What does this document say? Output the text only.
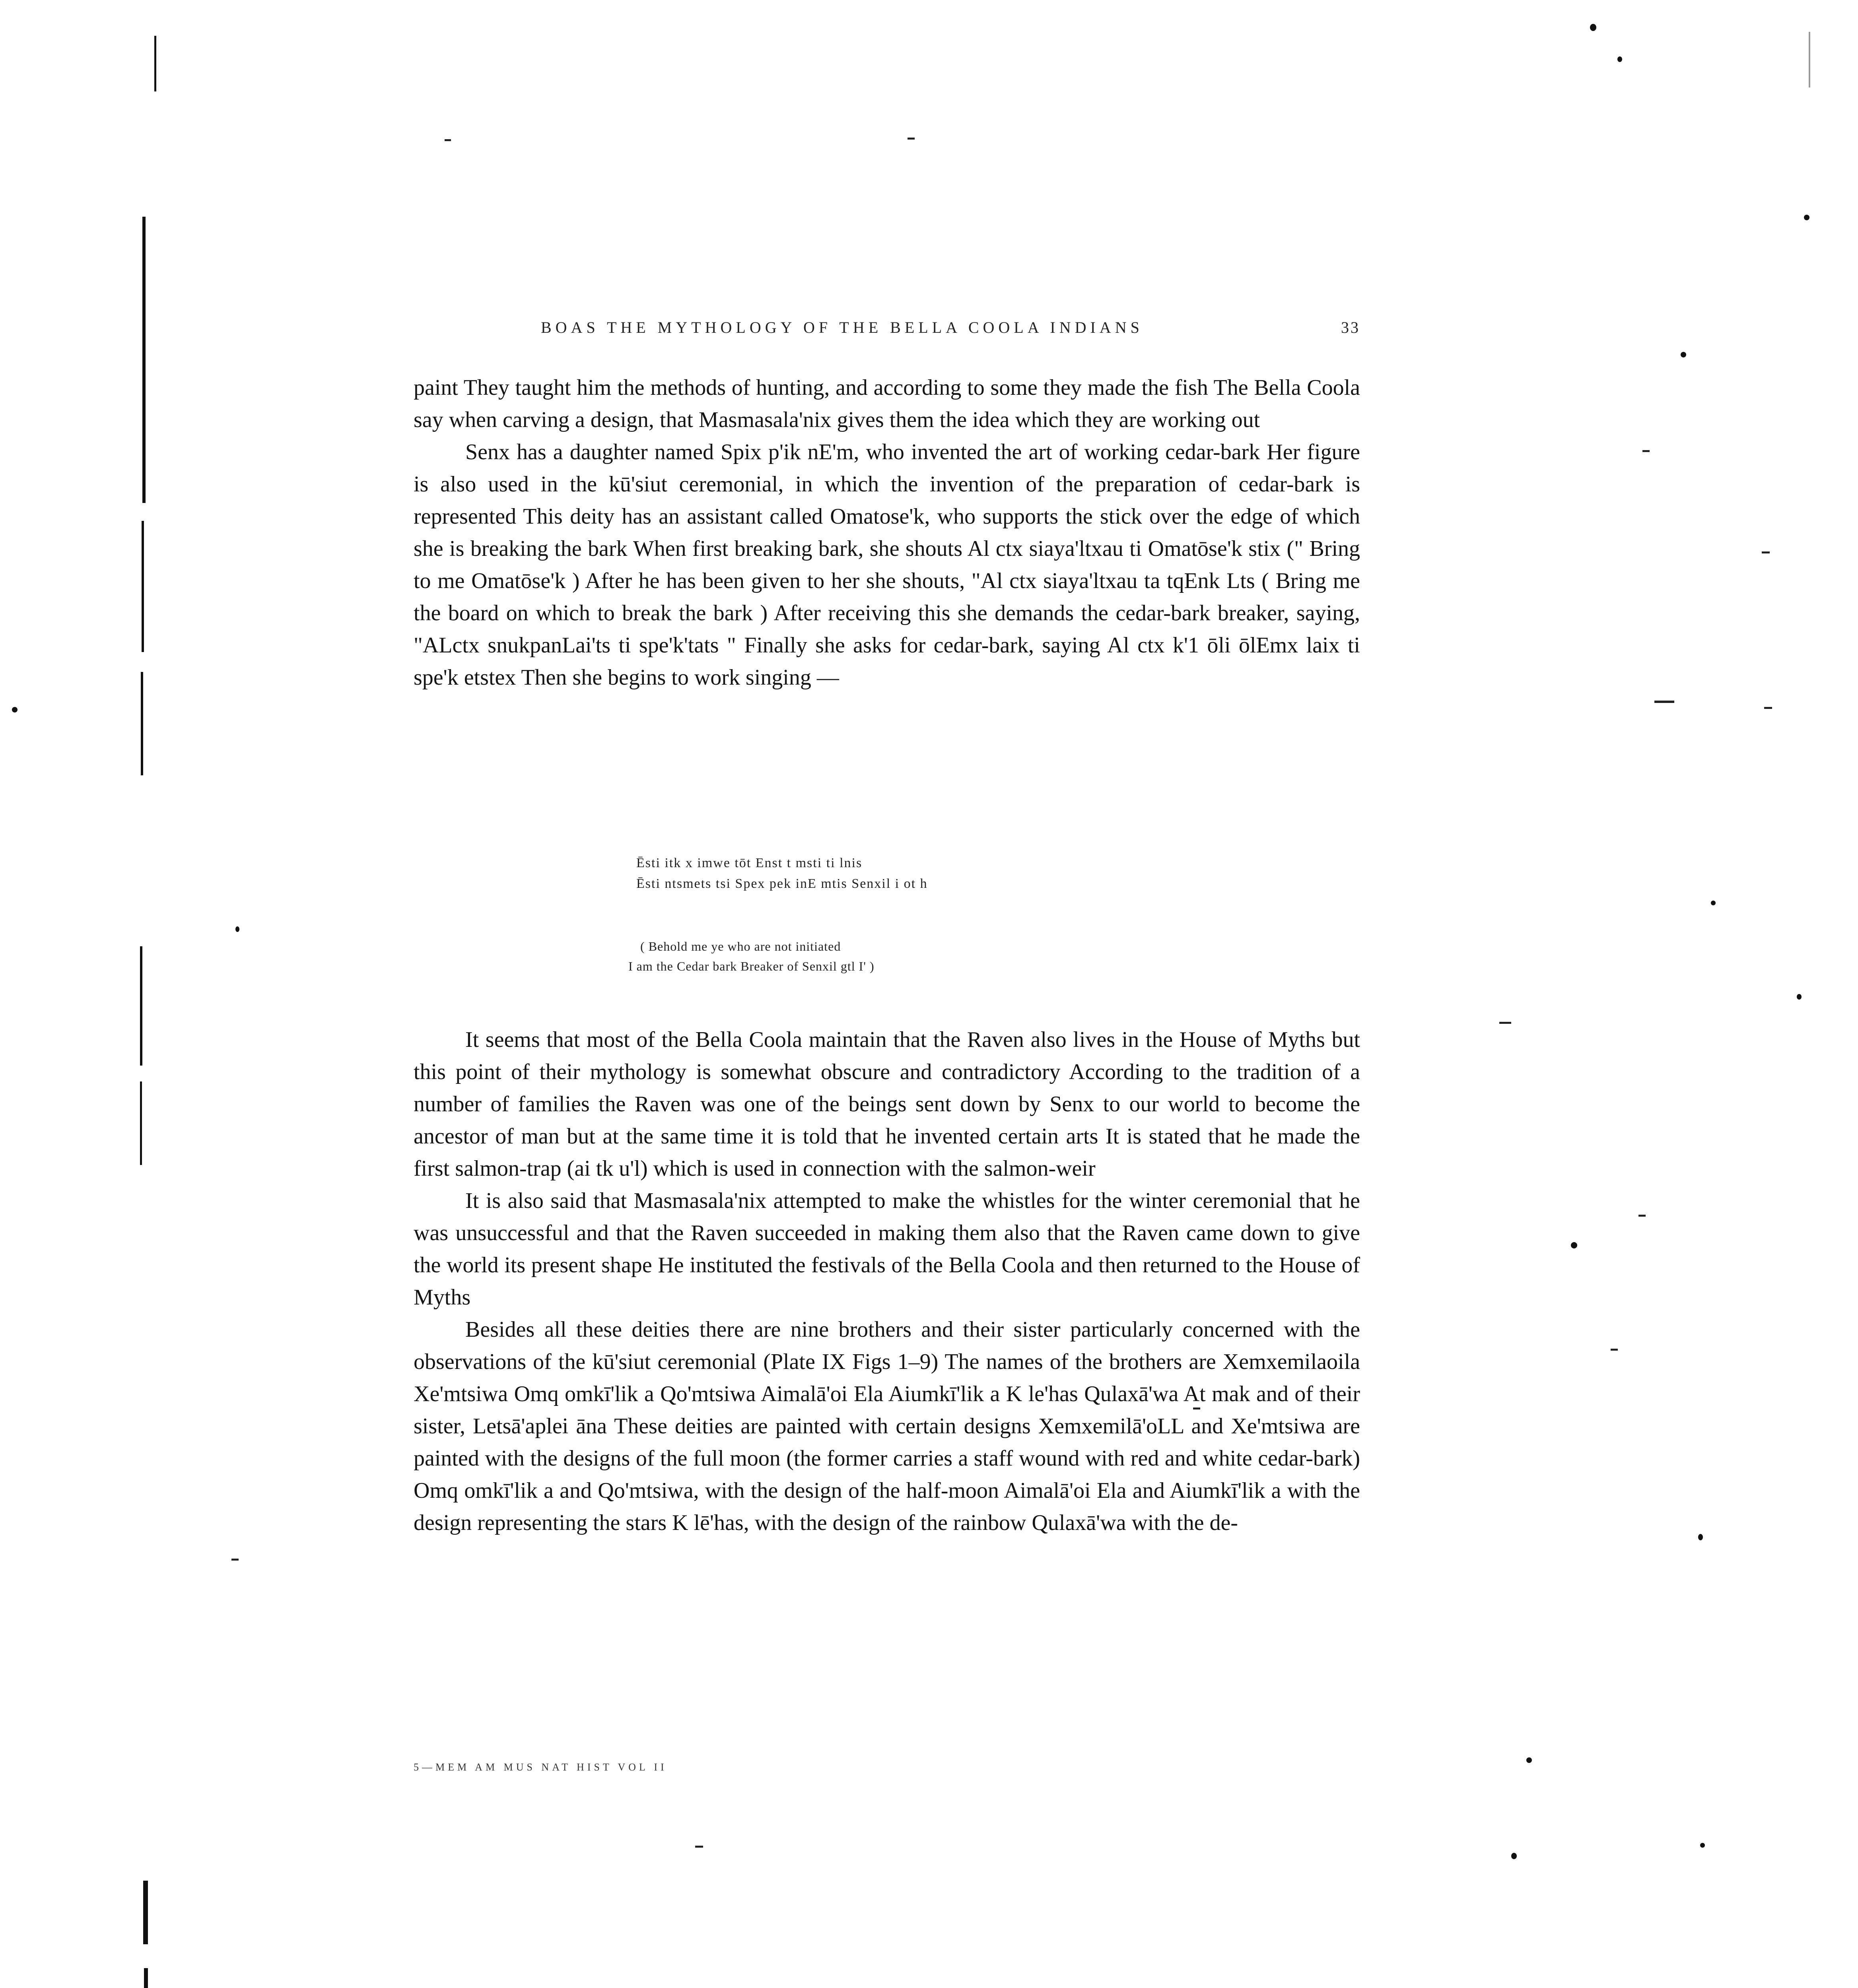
BOAS THE MYTHOLOGY OF THE BELLA COOLA INDIANS	33

paint They taught him the methods of hunting, and according to some they made the fish The Bella Coola say when carving a design, that Masmasala'nix gives them the idea which they are working out

Senx has a daughter named Spix p'ik nE'm, who invented the art of working cedar-bark Her figure is also used in the kū'siut ceremonial, in which the invention of the preparation of cedar-bark is represented This deity has an assistant called Omatose'k, who supports the stick over the edge of which she is breaking the bark When first breaking bark, she shouts Al ctx siaya'ltxau ti Omatōse'k stix (" Bring to me Omatōse'k ) After he has been given to her she shouts, "Al ctx siaya'ltxau ta tqEnk Lts ( Bring me the board on which to break the bark ) After receiving this she demands the cedar-bark breaker, saying, "ALctx snukpanLai'ts ti spe'k'tats " Finally she asks for cedar-bark, saying Al ctx k'1 ōli ōlEmx laix ti spe'k etstex Then she begins to work singing —

Ēsti itk x imwe tōt Enst t msti ti lnis
Ēsti ntsmets tsi Spex pek inE mtis Senxil i ot h
( Behold me ye who are not initiated
I am the Cedar bark Breaker of Senxil gtl I' )

It seems that most of the Bella Coola maintain that the Raven also lives in the House of Myths but this point of their mythology is somewhat obscure and contradictory According to the tradition of a number of families the Raven was one of the beings sent down by Senx to our world to become the ancestor of man but at the same time it is told that he invented certain arts It is stated that he made the first salmon-trap (ai tk u'l) which is used in connection with the salmon-weir

It is also said that Masmasala'nix attempted to make the whistles for the winter ceremonial that he was unsuccessful and that the Raven succeeded in making them also that the Raven came down to give the world its present shape He instituted the festivals of the Bella Coola and then returned to the House of Myths

Besides all these deities there are nine brothers and their sister particularly concerned with the observations of the kū'siut ceremonial (Plate IX Figs 1–9) The names of the brothers are Xemxemilaoila Xe'mtsiwa Omq omkī'lik a Qo'mtsiwa Aimalā'oi Ela Aiumkī'lik a K le'has Qulaxā'wa At mak and of their sister, Letsā'aplei āna These deities are painted with certain designs Xemxemilā'oLL and Xe'mtsiwa are painted with the designs of the full moon (the former carries a staff wound with red and white cedar-bark) Omq omkī'lik a and Qo'mtsiwa, with the design of the half-moon Aimalā'oi Ela and Aiumkī'lik a with the design representing the stars K lē'has, with the design of the rainbow Qulaxā'wa with the de-

5—MEM AM MUS NAT HIST VOL II
